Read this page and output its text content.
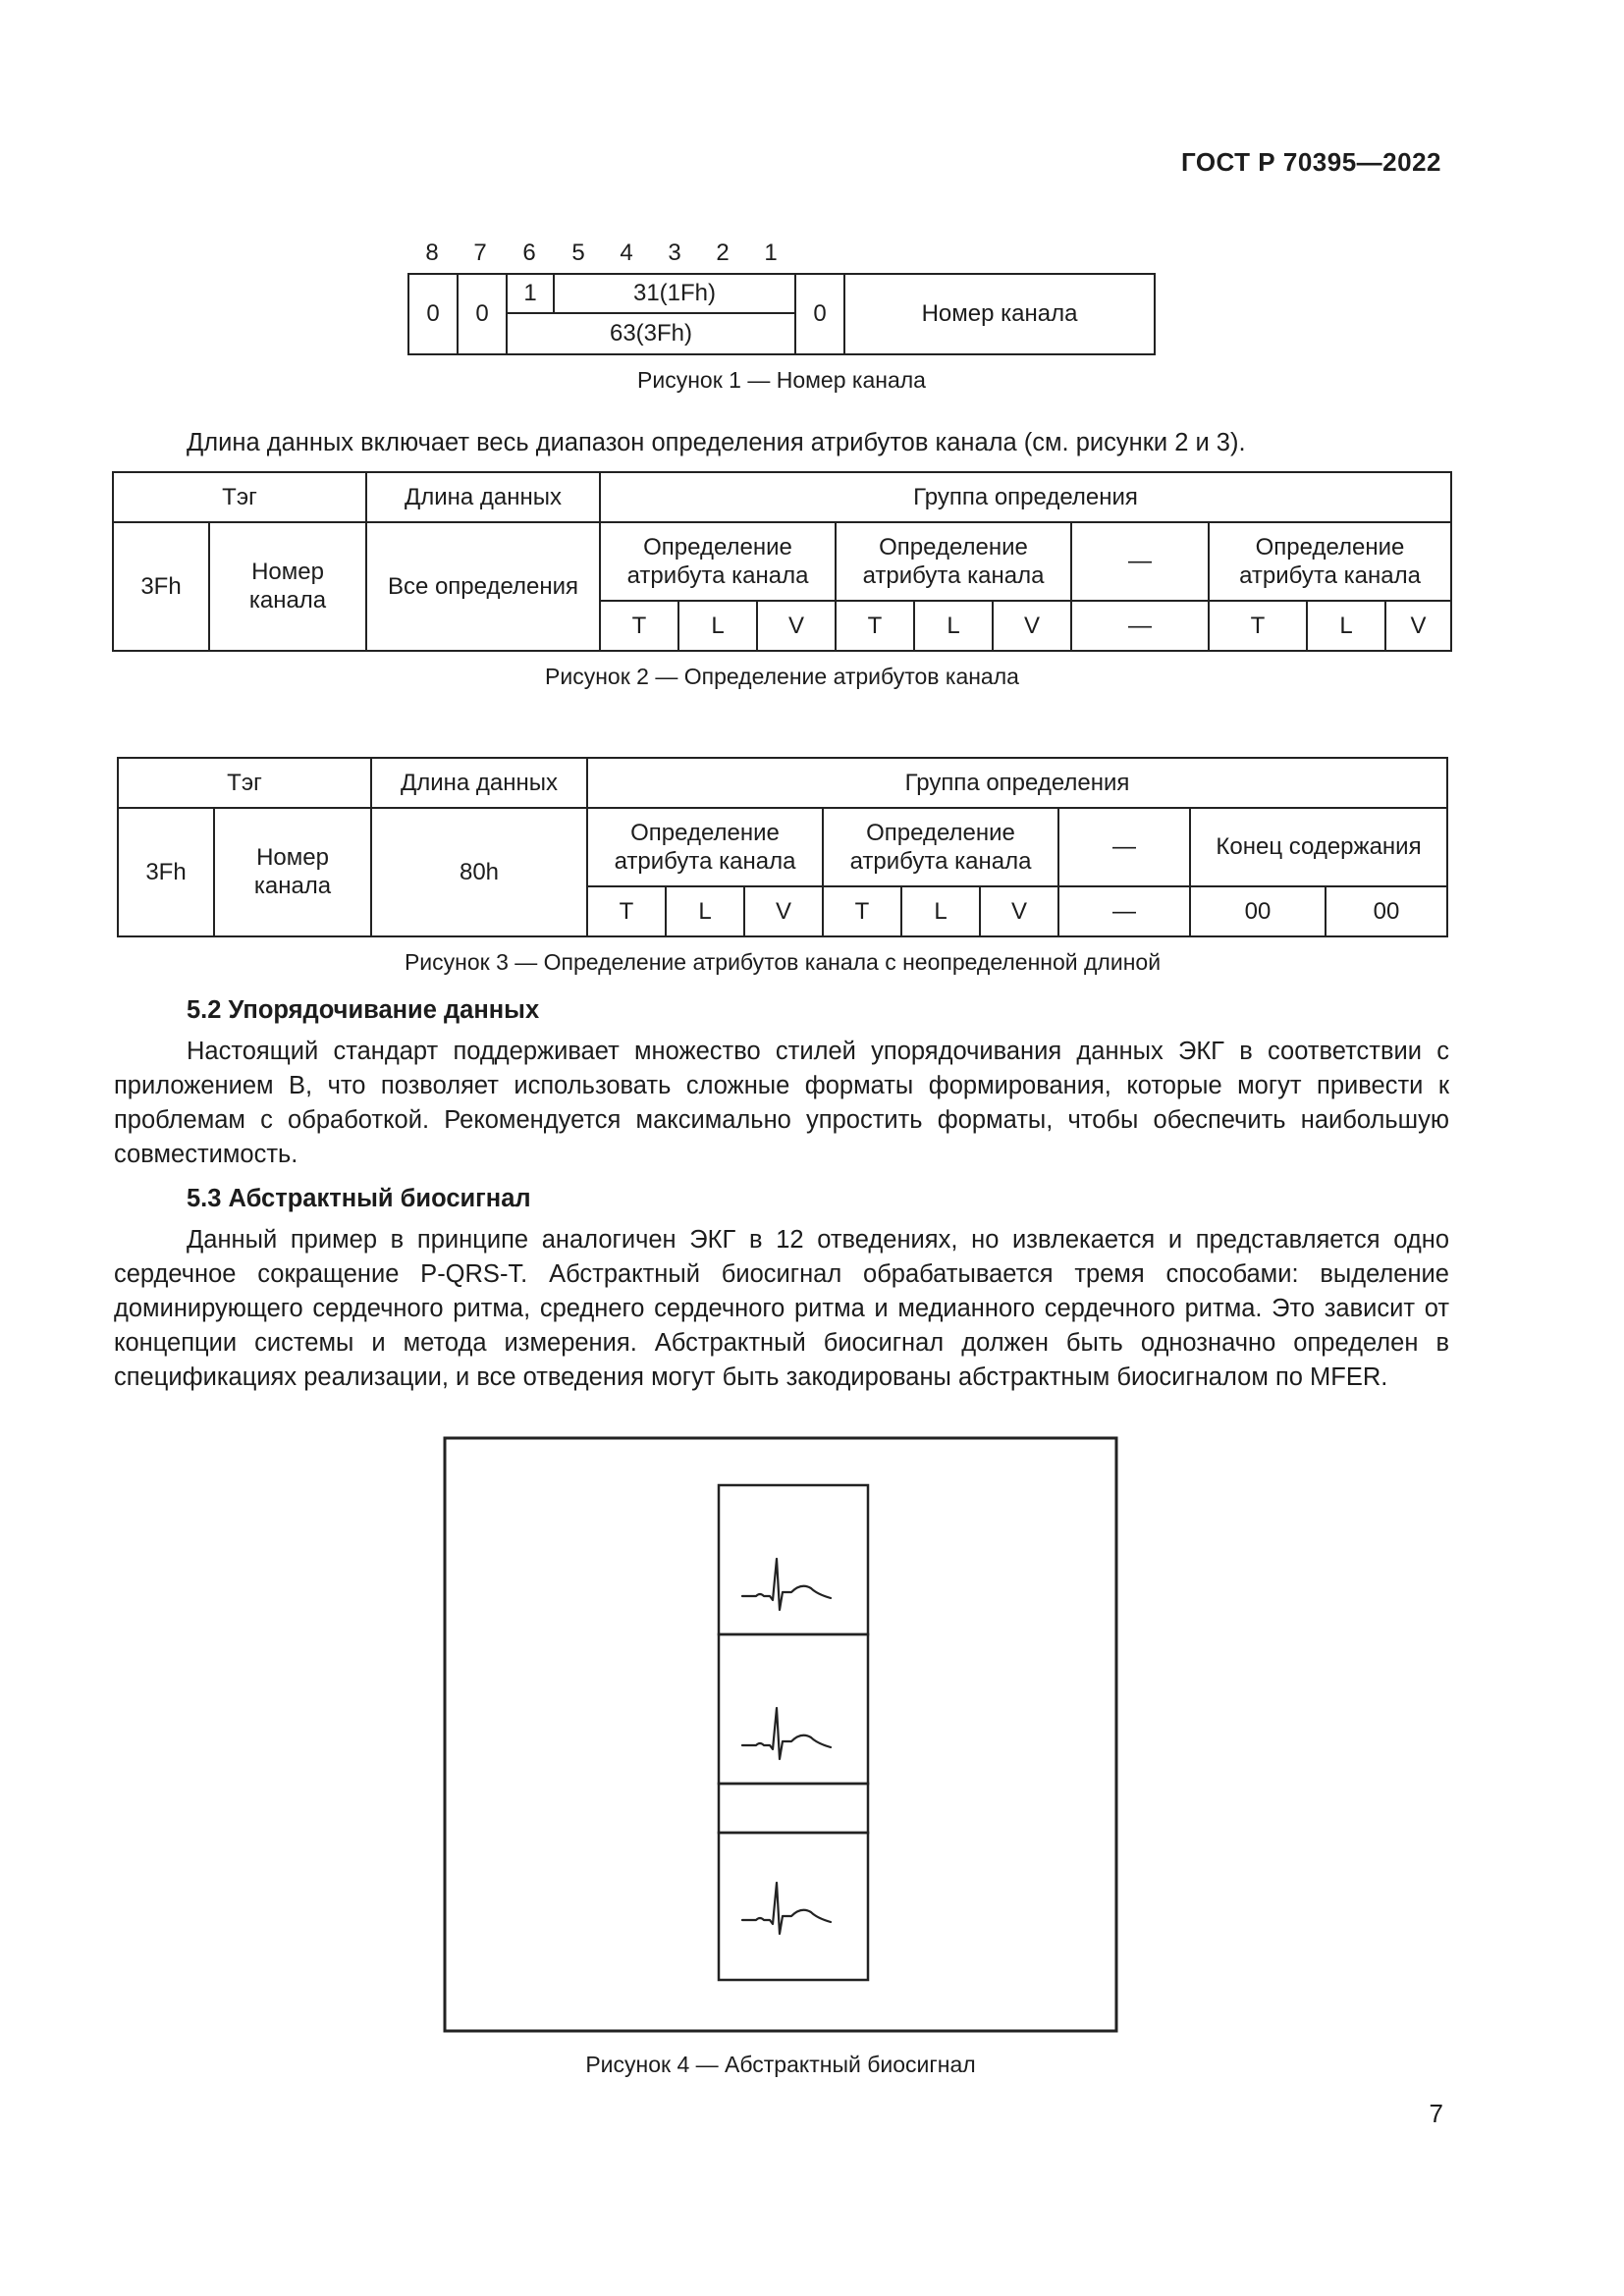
ГОСТ Р 70395—2022
8	7	6	5	4	3	2	1
0	0	1	31(1Fh)	0	Номер канала
63(3Fh)
Рисунок 1 — Номер канала
Длина данных включает весь диапазон определения атрибутов канала (см. рисунки 2 и 3).
Тэг		Длина данных	Группа определения									
3Fh	Номер канала	Все определения	Определение атрибута канала			Определение атрибута канала			—	Определение атрибута канала		
			T	L	V	T	L	V	—	T	L	V
Рисунок 2 — Определение атрибутов канала
Тэг		Длина данных	Группа определения								
3Fh	Номер канала	80h	Определение атрибута канала			Определение атрибута канала			—	Конец содержания	
			T	L	V	T	L	V	—	00	00
Рисунок 3 — Определение атрибутов канала с неопределенной длиной
5.2 Упорядочивание данных
Настоящий стандарт поддерживает множество стилей упорядочивания данных ЭКГ в соответствии с приложением В, что позволяет использовать сложные форматы формирования, которые могут привести к проблемам с обработкой. Рекомендуется максимально упростить форматы, чтобы обеспечить наибольшую совместимость.
5.3 Абстрактный биосигнал
Данный пример в принципе аналогичен ЭКГ в 12 отведениях, но извлекается и представляется одно сердечное сокращение P-QRS-T. Абстрактный биосигнал обрабатывается тремя способами: выделение доминирующего сердечного ритма, среднего сердечного ритма и медианного сердечного ритма. Это зависит от концепции системы и метода измерения. Абстрактный биосигнал должен быть однозначно определен в спецификациях реализации, и все отведения могут быть закодированы абстрактным биосигналом по MFER.
Рисунок 4 — Абстрактный биосигнал
7
